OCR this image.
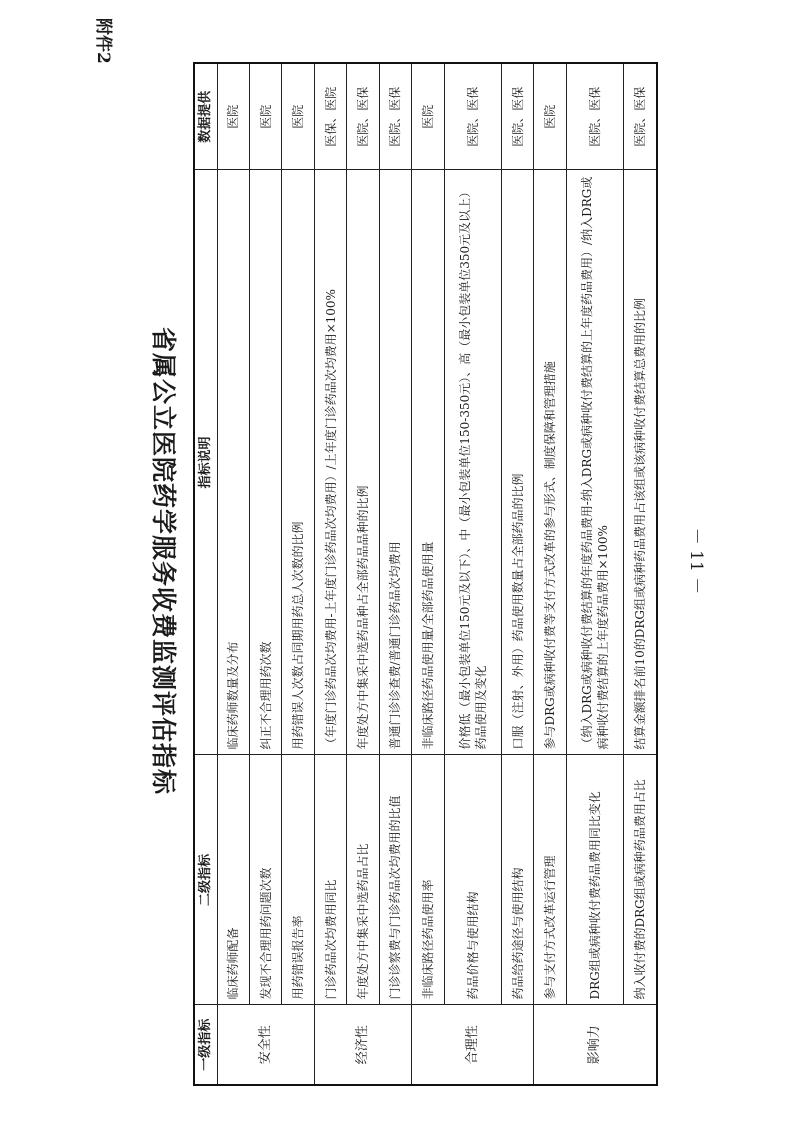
附件2
省属公立医院药学服务收费监测评估指标
一级指标	二级指标	指标说明	数据提供
安全性	临床药师配备	临床药师数量及分布	医院
	发现不合理用药问题次数	纠正不合理用药次数	医院
	用药错误报告率	用药错误人次数占同期用药总人次数的比例	医院
经济性	门诊药品次均费用同比	（年度门诊药品次均费用-上年度门诊药品次均费用）/上年度门诊药品次均费用×100%	医保、医院
	年度处方中集采中选药品占比	年度处方中集采中选药品种占全部药品品种的比例	医院、医保
	门诊诊察费与门诊药品次均费用的比值	普通门诊诊查费/普通门诊药品次均费用	医院、医保
合理性	非临床路径药品使用率	非临床路径药品使用量/全部药品使用量	医院
	药品价格与使用结构	价格低（最小包装单位150元及以下）、中（最小包装单位150-350元）、高（最小包装单位350元及以上）药品使用及变化	医院、医保
	药品给药途径与使用结构	口服（注射、外用）药品使用数量占全部药品的比例	医院、医保
影响力	参与支付方式改革运行管理	参与DRG或病种收付费等支付方式改革的参与形式、制度保障和管理措施	医院
	DRG组或病种收付费药品费用同比变化	（纳入DRG或病种收付费结算的年度药品费用-纳入DRG或病种收付费结算的上年度药品费用）/纳入DRG或病种收付费结算的上年度药品费用×100%	医院、医保
	纳入收付费的DRG组或病种药品费用占比	结算金额排名前10的DRG组或病种药品费用占该组或该病种收付费结算总费用的比例	医院、医保
－ 11 －
